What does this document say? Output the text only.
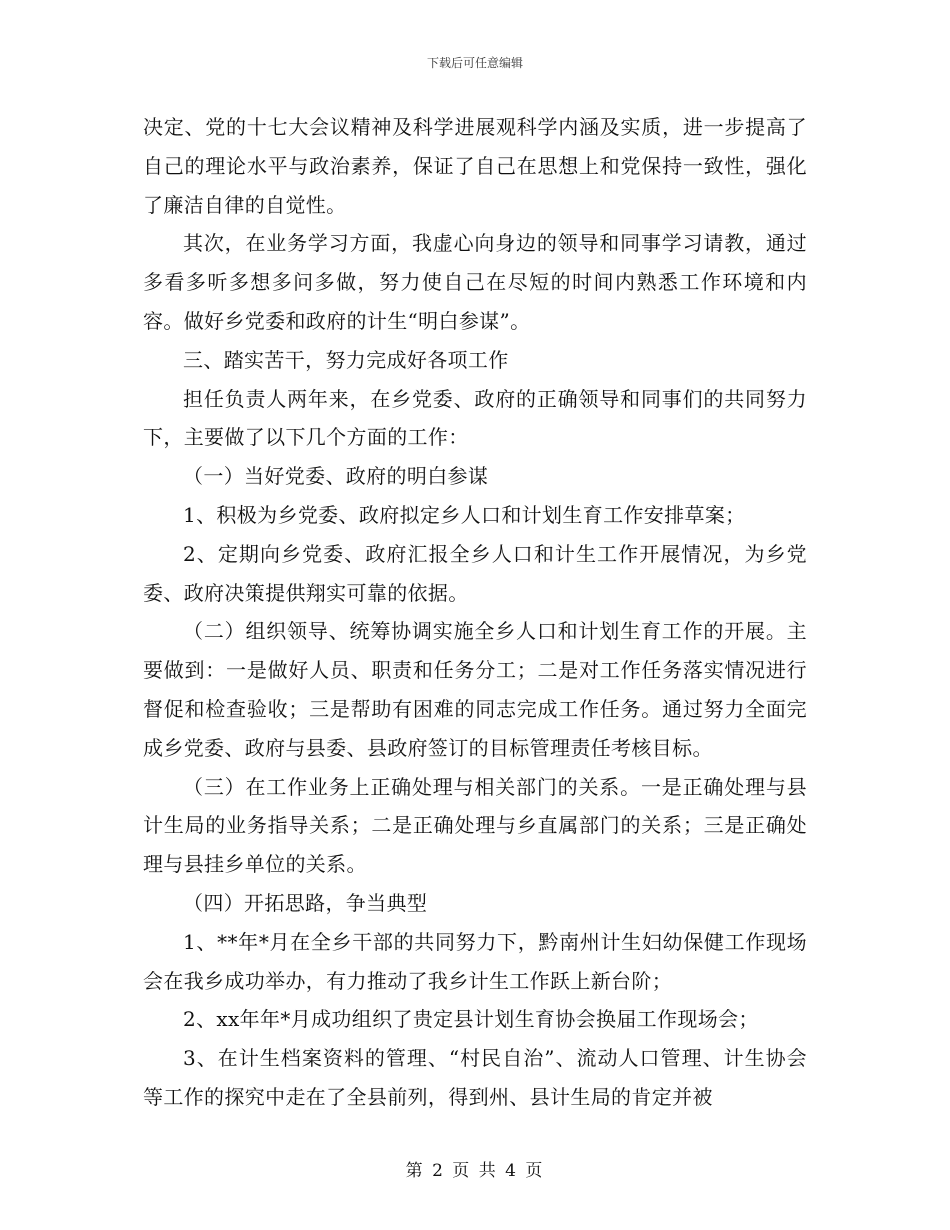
下载后可任意编辑

决定、党的十七大会议精神及科学进展观科学内涵及实质，进一步提高了自己的理论水平与政治素养，保证了自己在思想上和党保持一致性，强化了廉洁自律的自觉性。

其次，在业务学习方面，我虚心向身边的领导和同事学习请教，通过多看多听多想多问多做，努力使自己在尽短的时间内熟悉工作环境和内容。做好乡党委和政府的计生“明白参谋”。

三、踏实苦干，努力完成好各项工作

担任负责人两年来，在乡党委、政府的正确领导和同事们的共同努力下，主要做了以下几个方面的工作：

（一）当好党委、政府的明白参谋

1、积极为乡党委、政府拟定乡人口和计划生育工作安排草案；

2、定期向乡党委、政府汇报全乡人口和计生工作开展情况，为乡党委、政府决策提供翔实可靠的依据。

（二）组织领导、统筹协调实施全乡人口和计划生育工作的开展。主要做到：一是做好人员、职责和任务分工；二是对工作任务落实情况进行督促和检查验收；三是帮助有困难的同志完成工作任务。通过努力全面完成乡党委、政府与县委、县政府签订的目标管理责任考核目标。

（三）在工作业务上正确处理与相关部门的关系。一是正确处理与县计生局的业务指导关系；二是正确处理与乡直属部门的关系；三是正确处理与县挂乡单位的关系。

（四）开拓思路，争当典型

1、**年*月在全乡干部的共同努力下，黔南州计生妇幼保健工作现场会在我乡成功举办，有力推动了我乡计生工作跃上新台阶；

2、xx年年*月成功组织了贵定县计划生育协会换届工作现场会；

3、在计生档案资料的管理、“村民自治”、流动人口管理、计生协会等工作的探究中走在了全县前列，得到州、县计生局的肯定并被

第 2 页 共 4 页
